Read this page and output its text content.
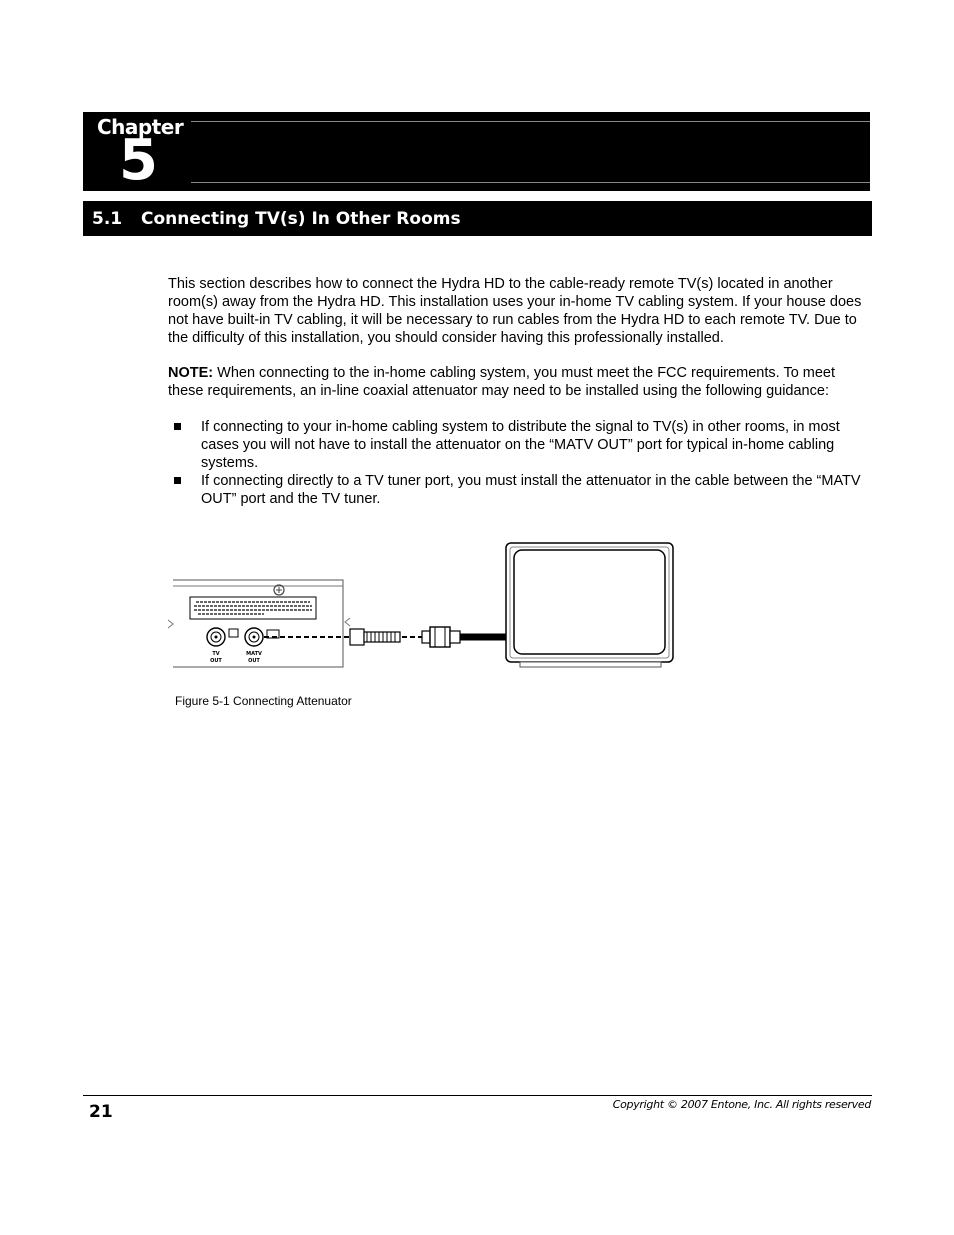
Chapter
5
5.1	Connecting TV(s) In Other Rooms

This section describes how to connect the Hydra HD to the cable-ready remote TV(s) located in another room(s) away from the Hydra HD. This installation uses your in-home TV cabling system. If your house does not have built-in TV cabling, it will be necessary to run cables from the Hydra HD to each remote TV. Due to the difficulty of this installation, you should consider having this professionally installed.

NOTE: When connecting to the in-home cabling system, you must meet the FCC requirements. To meet these requirements, an in-line coaxial attenuator may need to be installed using the following guidance:

If connecting to your in-home cabling system to distribute the signal to TV(s) in other rooms, in most cases you will not have to install the attenuator on the “MATV OUT” port for typical in-home cabling systems.

If connecting directly to a TV tuner port, you must install the attenuator in the cable between the “MATV OUT” port and the TV tuner.

TV
OUT
MATV
OUT
Figure 5-1 Connecting Attenuator
21	Copyright © 2007 Entone, Inc. All rights reserved
